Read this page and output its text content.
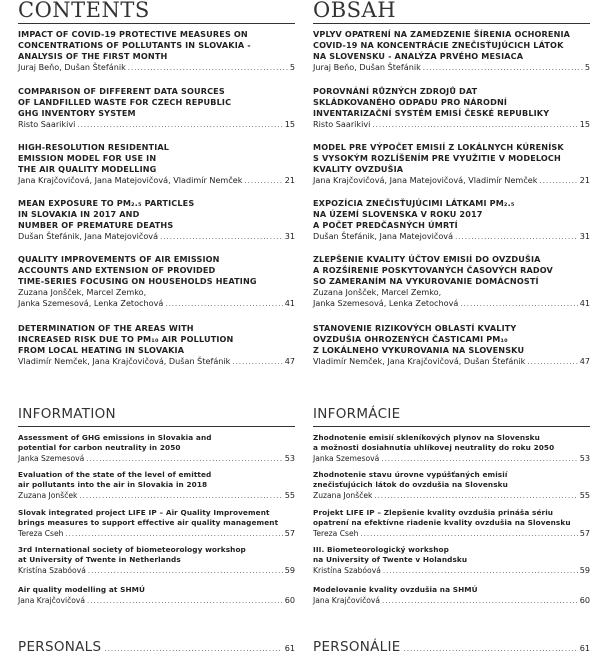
CONTENTS
IMPACT OF COVID-19 PROTECTIVE MEASURES ON
CONCENTRATIONS OF POLLUTANTS IN SLOVAKIA -
ANALYSIS OF THE FIRST MONTH
Juraj Beňo, Dušan Štefánik .....	5
COMPARISON OF DIFFERENT DATA SOURCES
OF LANDFILLED WASTE FOR CZECH REPUBLIC
GHG INVENTORY SYSTEM
Risto Saarikivi .....	15
HIGH-RESOLUTION RESIDENTIAL
EMISSION MODEL FOR USE IN
THE AIR QUALITY MODELLING
Jana Krajčovičová, Jana Matejovičová, Vladimír Nemček .....	21
MEAN EXPOSURE TO PM₂.₅ PARTICLES
IN SLOVAKIA IN 2017 AND
NUMBER OF PREMATURE DEATHS
Dušan Štefánik, Jana Matejovičová .....	31
QUALITY IMPROVEMENTS OF AIR EMISSION
ACCOUNTS AND EXTENSION OF PROVIDED
TIME-SERIES FOCUSING ON HOUSEHOLDS HEATING
Zuzana Jonšček, Marcel Zemko,
Janka Szemesová, Lenka Zetochová .....	41
DETERMINATION OF THE AREAS WITH
INCREASED RISK DUE TO PM₁₀ AIR POLLUTION
FROM LOCAL HEATING IN SLOVAKIA
Vladimír Nemček, Jana Krajčovičová, Dušan Štefánik .....	47
INFORMATION
Assessment of GHG emissions in Slovakia and
potential for carbon neutrality in 2050
Janka Szemesová .....	53
Evaluation of the state of the level of emitted
air pollutants into the air in Slovakia in 2018
Zuzana Jonšček .....	55
Slovak integrated project LIFE IP – Air Quality Improvement
brings measures to support effective air quality management
Tereza Cseh .....	57
3rd International society of biometeorology workshop
at University of Twente in Netherlands
Kristína Szabóová .....	59
Air quality modelling at SHMÚ
Jana Krajčovičová .....	60
PERSONALS .....	61
OBSAH
VPLYV OPATRENÍ NA ZAMEDZENIE ŠÍRENIA OCHORENIA
COVID-19 NA KONCENTRÁCIE ZNEČISŤUJÚCICH LÁTOK
NA SLOVENSKU - ANALÝZA PRVÉHO MESIACA
Juraj Beňo, Dušan Štefánik .....	5
POROVNÁNÍ RŮZNÝCH ZDROJŮ DAT
SKLÁDKOVANÉHO ODPADU PRO NÁRODNÍ
INVENTARIZAČNÍ SYSTÉM EMISÍ ČESKÉ REPUBLIKY
Risto Saarikivi .....	15
MODEL PRE VÝPOČET EMISIÍ Z LOKÁLNYCH KÚRENÍSK
S VYSOKÝM ROZLÍŠENÍM PRE VYUŽITIE V MODELOCH
KVALITY OVZDUŠIA
Jana Krajčovičová, Jana Matejovičová, Vladimír Nemček .....	21
EXPOZÍCIA ZNEČISŤUJÚCIMI LÁTKAMI PM₂.₅
NA ÚZEMÍ SLOVENSKA V ROKU 2017
A POČET PREDČASNÝCH ÚMRTÍ
Dušan Štefánik, Jana Matejovičová .....	31
ZLEPŠENIE KVALITY ÚČTOV EMISIÍ DO OVZDUŠIA
A ROZŠÍRENIE POSKYTOVANÝCH ČASOVÝCH RADOV
SO ZAMERANÍM NA VYKUROVANIE DOMÁCNOSTÍ
Zuzana Jonšček, Marcel Zemko,
Janka Szemesová, Lenka Zetochová .....	41
STANOVENIE RIZIKOVÝCH OBLASTÍ KVALITY
OVZDUŠIA OHROZENÝCH ČASTICAMI PM₁₀
Z LOKÁLNEHO VYKUROVANIA NA SLOVENSKU
Vladimír Nemček, Jana Krajčovičová, Dušan Štefánik .....	47
INFORMÁCIE
Zhodnotenie emisií skleníkových plynov na Slovensku
a možnosti dosiahnutia uhlíkovej neutrality do roku 2050
Janka Szemesová .....	53
Zhodnotenie stavu úrovne vypúšťaných emisií
znečisťujúcich látok do ovzdušia na Slovensku
Zuzana Jonšček .....	55
Projekt LIFE IP – Zlepšenie kvality ovzdušia prináša sériu
opatrení na efektívne riadenie kvality ovzdušia na Slovensku
Tereza Cseh .....	57
III. Biometeorologický workshop
na University of Twente v Holandsku
Kristína Szabóová .....	59
Modelovanie kvality ovzdušia na SHMÚ
Jana Krajčovičová .....	60
PERSONÁLIE .....	61
